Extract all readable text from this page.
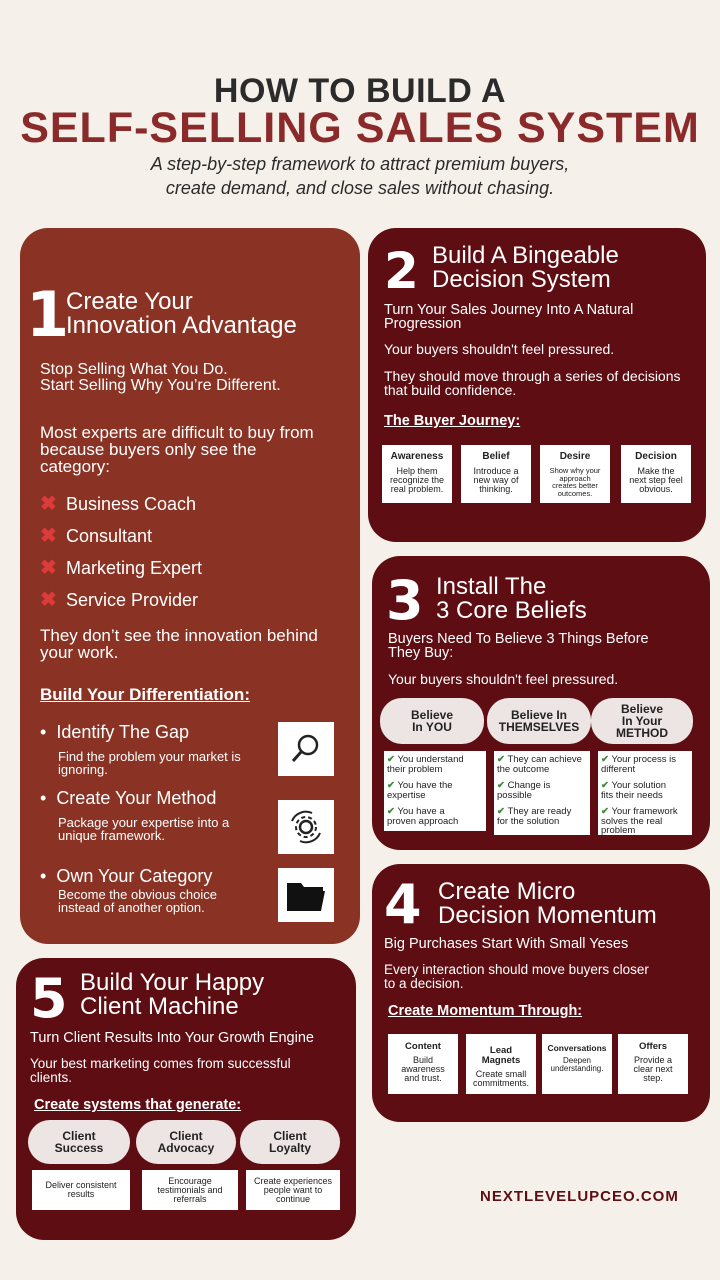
HOW TO BUILD A
SELF-SELLING SALES SYSTEM
A step-by-step framework to attract premium buyers,
create demand, and close sales without chasing.
1
Create Your
Innovation Advantage
Stop Selling What You Do.
Start Selling Why You’re Different.
Most experts are difficult to buy from
because buyers only see the
category:
✖ Business Coach
✖ Consultant
✖ Marketing Expert
✖ Service Provider
They don’t see the innovation behind
your work.
Build Your Differentiation:
•  Identify The Gap
Find the problem your market is
ignoring.
•  Create Your Method
Package your expertise into a
unique framework.
•  Own Your Category
Become the obvious choice
instead of another option.
2 Build A Bingeable
Decision System
Turn Your Sales Journey Into A Natural
Progression
Your buyers shouldn't feel pressured.
They should move through a series of decisions
that build confidence.
The Buyer Journey:
Awareness
Help them
recognize the
real problem.
Belief
Introduce a
new way of
thinking.
Desire
Show why your
approach
creates better
outcomes.
Decision
Make the
next step feel
obvious.
3 Install The
3 Core Beliefs
Buyers Need To Believe 3 Things Before
They Buy:
Your buyers shouldn't feel pressured.
Believe
In YOU
Believe In
THEMSELVES
Believe
In Your
METHOD
✔ You understand
their problem
✔ You have the
expertise
✔ You have a
proven approach
✔ They can achieve
the outcome
✔ Change is
possible
✔ They are ready
for the solution
✔ Your process is
different
✔ Your solution
fits their needs
✔ Your framework
solves the real
problem
4 Create Micro
Decision Momentum
Big Purchases Start With Small Yeses
Every interaction should move buyers closer
to a decision.
Create Momentum Through:
Content
Build
awareness
and trust.
Lead
Magnets
Create small
commitments.
Conversations
Deepen
understanding.
Offers
Provide a
clear next
step.
5 Build Your Happy
Client Machine
Turn Client Results Into Your Growth Engine
Your best marketing comes from successful
clients.
Create systems that generate:
Client
Success
Client
Advocacy
Client
Loyalty
Deliver consistent
results
Encourage
testimonials and
referrals
Create experiences
people want to
continue	NEXTLEVELUPCEO.COM
